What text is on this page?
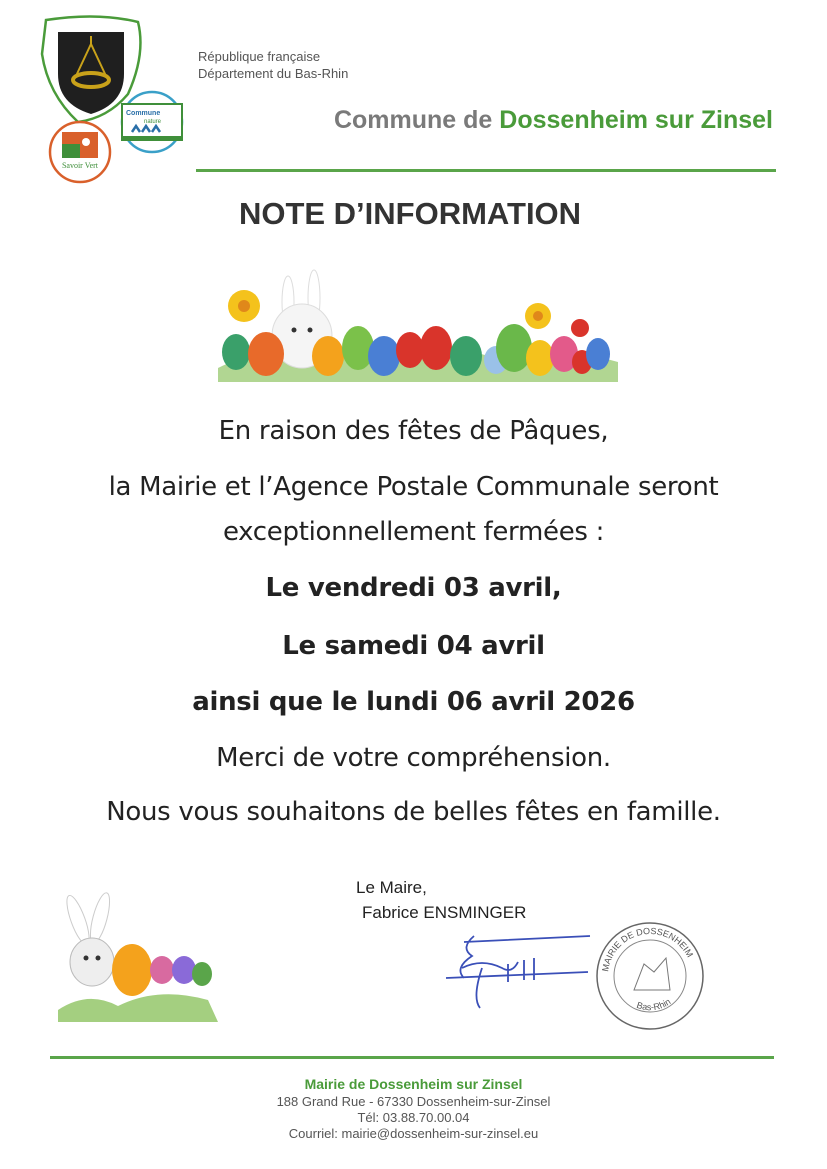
Savoir Vert
Commune
nature
République française
Département du Bas-Rhin
Commune de Dossenheim sur Zinsel
NOTE D’INFORMATION
En raison des fêtes de Pâques,
la Mairie et l’Agence Postale Communale seront
exceptionnellement fermées :
Le vendredi 03 avril,
Le samedi 04 avril
ainsi que le lundi 06 avril 2026
Merci de votre compréhension.
Nous vous souhaitons de belles fêtes en famille.
Le Maire,
Fabrice ENSMINGER
MAIRIE DE DOSSENHEIM
Bas-Rhin
Mairie de Dossenheim sur Zinsel
188 Grand Rue - 67330 Dossenheim-sur-Zinsel
Tél: 03.88.70.00.04
Courriel: mairie@dossenheim-sur-zinsel.eu
